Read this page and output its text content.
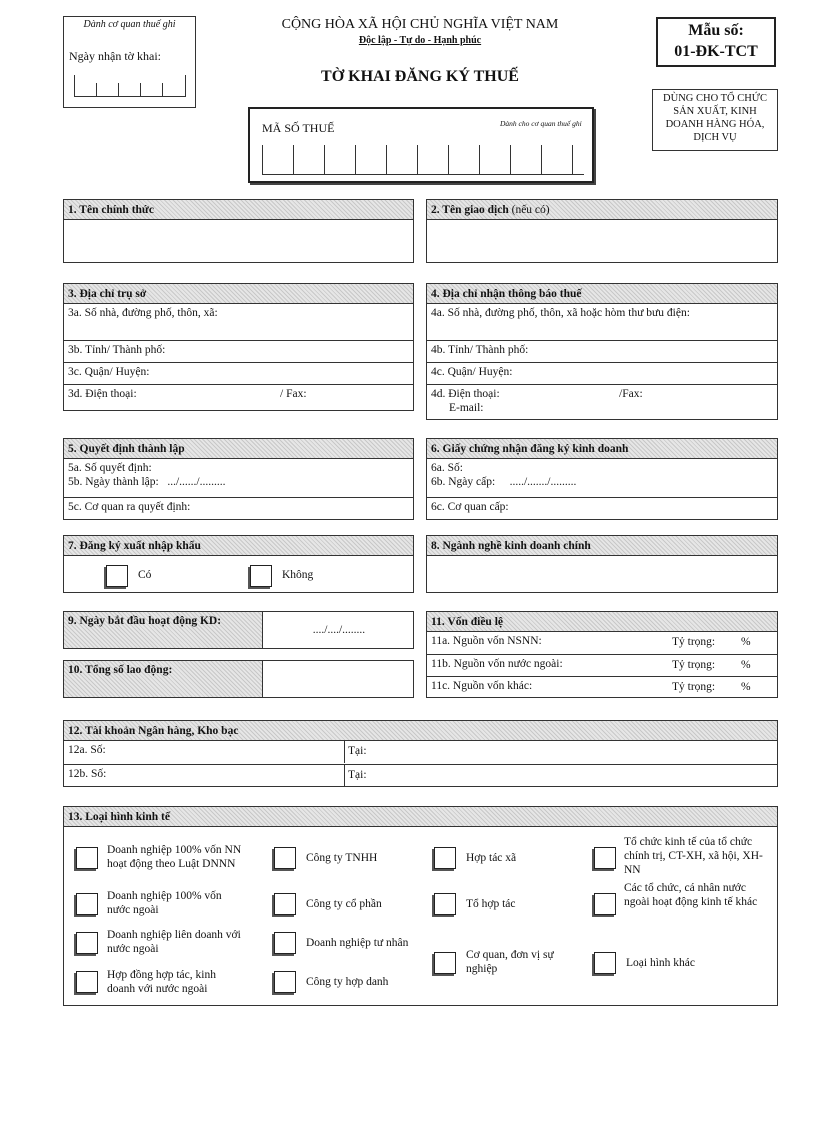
Dành cơ quan thuế ghi
Ngày nhận tờ khai:
CỘNG HÒA XÃ HỘI CHỦ NGHĨA VIỆT NAM
Độc lập - Tự do - Hạnh phúc
TỜ KHAI ĐĂNG KÝ THUẾ
Mẫu số:
01-ĐK-TCT
DÙNG CHO TỔ CHỨC SẢN XUẤT, KINH DOANH HÀNG HÓA, DỊCH VỤ
MÃ SỐ THUẾ	Dành cho cơ quan thuế ghi
1. Tên chính thức	2. Tên giao dịch (nếu có)
3. Địa chỉ trụ sở
3a. Số nhà, đường phố, thôn, xã:
3b. Tỉnh/ Thành phố:
3c. Quận/ Huyện:
3d. Điện thoại:	/ Fax:
4. Địa chỉ nhận thông báo thuế
4a. Số nhà, đường phố, thôn, xã hoặc hòm thư bưu điện:
4b. Tỉnh/ Thành phố:
4c. Quận/ Huyện:
4d. Điện thoại:	/Fax:
E-mail:
5. Quyết định thành lập
5a. Số quyết định:
5b. Ngày thành lập: .../....../.........
5c. Cơ quan ra quyết định:
6. Giấy chứng nhận đăng ký kinh doanh
6a. Số:
6b. Ngày cấp: ...../......./.........
6c. Cơ quan cấp:
7. Đăng ký xuất nhập khẩu
Có	Không
8. Ngành nghề kinh doanh chính
9. Ngày bắt đầu hoạt động KD:
..../..../........
10. Tổng số lao động:
11. Vốn điều lệ
11a. Nguồn vốn NSNN:	Tỷ trọng: %
11b. Nguồn vốn nước ngoài:	Tỷ trọng: %
11c. Nguồn vốn khác:	Tỷ trọng: %
12. Tài khoản Ngân hàng, Kho bạc
12a. Số:	Tại:
12b. Số:	Tại:
13. Loại hình kinh tế
Doanh nghiệp 100% vốn NN hoạt động theo Luật DNNN
Doanh nghiệp 100% vốn nước ngoài
Doanh nghiệp liên doanh với nước ngoài
Hợp đồng hợp tác, kinh doanh với nước ngoài
Công ty TNHH
Công ty cổ phần
Doanh nghiệp tư nhân
Công ty hợp danh
Hợp tác xã
Tổ hợp tác
Cơ quan, đơn vị sự nghiệp
Tổ chức kinh tế của tổ chức chính trị, CT-XH, xã hội, XH-NN
Các tổ chức, cá nhân nước ngoài hoạt động kinh tế khác
Loại hình khác
